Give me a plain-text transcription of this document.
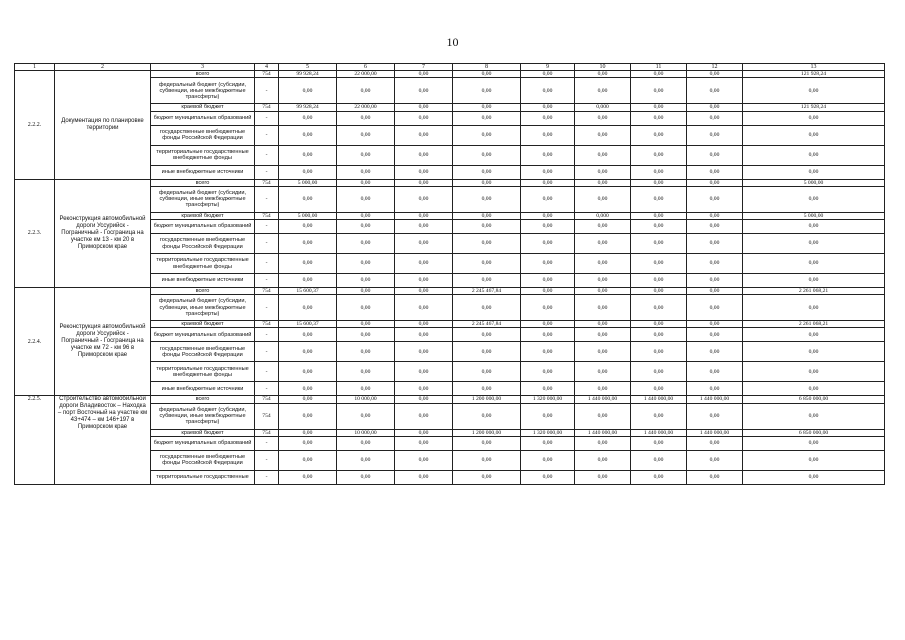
10
1	2	3	4	5	6	7	8	9	10	11	12	13
2.2.2.	Документация по планировке территории	всего	754	99 928,24	22 000,00	0,00	0,00	0,00	0,00	0,00	0,00	121 928,24
		федеральный бюджет (субсидии, субвенции, иные межбюджетные трансферты)	-	0,00	0,00	0,00	0,00	0,00	0,00	0,00	0,00	0,00
		краевой бюджет	754	99 928,24	22 000,00	0,00	0,00	0,00	0,000	0,00	0,00	121 928,24
		бюджет муниципальных образований	-	0,00	0,00	0,00	0,00	0,00	0,00	0,00	0,00	0,00
		государственные внебюджетные фонды Российской Федерации	-	0,00	0,00	0,00	0,00	0,00	0,00	0,00	0,00	0,00
		территориальные государственные внебюджетные фонды	-	0,00	0,00	0,00	0,00	0,00	0,00	0,00	0,00	0,00
		иные внебюджетные источники	-	0,00	0,00	0,00	0,00	0,00	0,00	0,00	0,00	0,00
2.2.3.	Реконструкция автомобильной дороги Уссурийск - Пограничный - Госграница на участке км 13 - км 20 в Приморском крае	всего	754	5 000,00	0,00	0,00	0,00	0,00	0,00	0,00	0,00	5 000,00
		федеральный бюджет (субсидии, субвенции, иные межбюджетные трансферты)	-	0,00	0,00	0,00	0,00	0,00	0,00	0,00	0,00	0,00
		краевой бюджет	754	5 000,00	0,00	0,00	0,00	0,00	0,000	0,00	0,00	5 000,00
		бюджет муниципальных образований	-	0,00	0,00	0,00	0,00	0,00	0,00	0,00	0,00	0,00
		государственные внебюджетные фонды Российской Федерации	-	0,00	0,00	0,00	0,00	0,00	0,00	0,00	0,00	0,00
		территориальные государственные внебюджетные фонды	-	0,00	0,00	0,00	0,00	0,00	0,00	0,00	0,00	0,00
		иные внебюджетные источники	-	0,00	0,00	0,00	0,00	0,00	0,00	0,00	0,00	0,00
2.2.4.	Реконструкция автомобильной дороги Уссурийск - Пограничный - Госграница на участке км 72 - км 96 в Приморском крае	всего	754	15 600,37	0,00	0,00	2 245 467,84	0,00	0,00	0,00	0,00	2 261 068,21
		федеральный бюджет (субсидии, субвенции, иные межбюджетные трансферты)	-	0,00	0,00	0,00	0,00	0,00	0,00	0,00	0,00	0,00
		краевой бюджет	754	15 600,37	0,00	0,00	2 245 467,84	0,00	0,00	0,00	0,00	2 261 068,21
		бюджет муниципальных образований	-	0,00	0,00	0,00	0,00	0,00	0,00	0,00	0,00	0,00
		государственные внебюджетные фонды Российской Федерации	-	0,00	0,00	0,00	0,00	0,00	0,00	0,00	0,00	0,00
		территориальные государственные внебюджетные фонды	-	0,00	0,00	0,00	0,00	0,00	0,00	0,00	0,00	0,00
		иные внебюджетные источники	-	0,00	0,00	0,00	0,00	0,00	0,00	0,00	0,00	0,00
2.2.5.	Строительство автомобильной дороги Владивосток – Находка – порт Восточный на участке км 43+474 – км 146+197 в Приморском крае	всего	754	0,00	10 000,00	0,00	1 200 000,00	1 320 000,00	1 440 000,00	1 440 000,00	1 440 000,00	6 850 000,00
		федеральный бюджет (субсидии, субвенции, иные межбюджетные трансферты)	754	0,00	0,00	0,00	0,00	0,00	0,00	0,00	0,00	0,00
		краевой бюджет	754	0,00	10 000,00	0,00	1 200 000,00	1 320 000,00	1 440 000,00	1 440 000,00	1 440 000,00	6 850 000,00
		бюджет муниципальных образований	-	0,00	0,00	0,00	0,00	0,00	0,00	0,00	0,00	0,00
		государственные внебюджетные фонды Российской Федерации	-	0,00	0,00	0,00	0,00	0,00	0,00	0,00	0,00	0,00
		территориальные государственные	-	0,00	0,00	0,00	0,00	0,00	0,00	0,00	0,00	0,00
